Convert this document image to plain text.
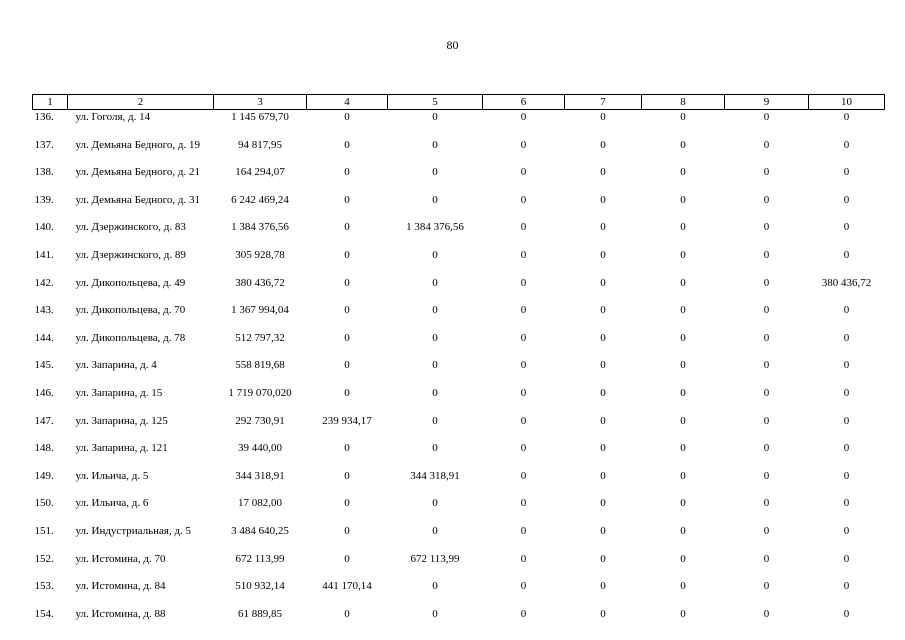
80
1	2	3	4	5	6	7	8	9	10
136.	ул. Гоголя, д. 14	1 145 679,70	0	0	0	0	0	0	0
137.	ул. Демьяна Бедного, д. 19	94 817,95	0	0	0	0	0	0	0
138.	ул. Демьяна Бедного, д. 21	164 294,07	0	0	0	0	0	0	0
139.	ул. Демьяна Бедного, д. 31	6 242 469,24	0	0	0	0	0	0	0
140.	ул. Дзержинского, д. 83	1 384 376,56	0	1 384 376,56	0	0	0	0	0
141.	ул. Дзержинского, д. 89	305 928,78	0	0	0	0	0	0	0
142.	ул. Дикопольцева, д. 49	380 436,72	0	0	0	0	0	0	380 436,72
143.	ул. Дикопольцева, д. 70	1 367 994,04	0	0	0	0	0	0	0
144.	ул. Дикопольцева, д. 78	512 797,32	0	0	0	0	0	0	0
145.	ул. Запарина, д. 4	558 819,68	0	0	0	0	0	0	0
146.	ул. Запарина, д. 15	1 719 070,020	0	0	0	0	0	0	0
147.	ул. Запарина, д. 125	292 730,91	239 934,17	0	0	0	0	0	0
148.	ул. Запарина, д. 121	39 440,00	0	0	0	0	0	0	0
149.	ул. Ильича, д. 5	344 318,91	0	344 318,91	0	0	0	0	0
150.	ул. Ильича, д. 6	17 082,00	0	0	0	0	0	0	0
151.	ул. Индустриальная, д. 5	3 484 640,25	0	0	0	0	0	0	0
152.	ул. Истомина, д. 70	672 113,99	0	672 113,99	0	0	0	0	0
153.	ул. Истомина, д. 84	510 932,14	441 170,14	0	0	0	0	0	0
154.	ул. Истомина, д. 88	61 889,85	0	0	0	0	0	0	0
